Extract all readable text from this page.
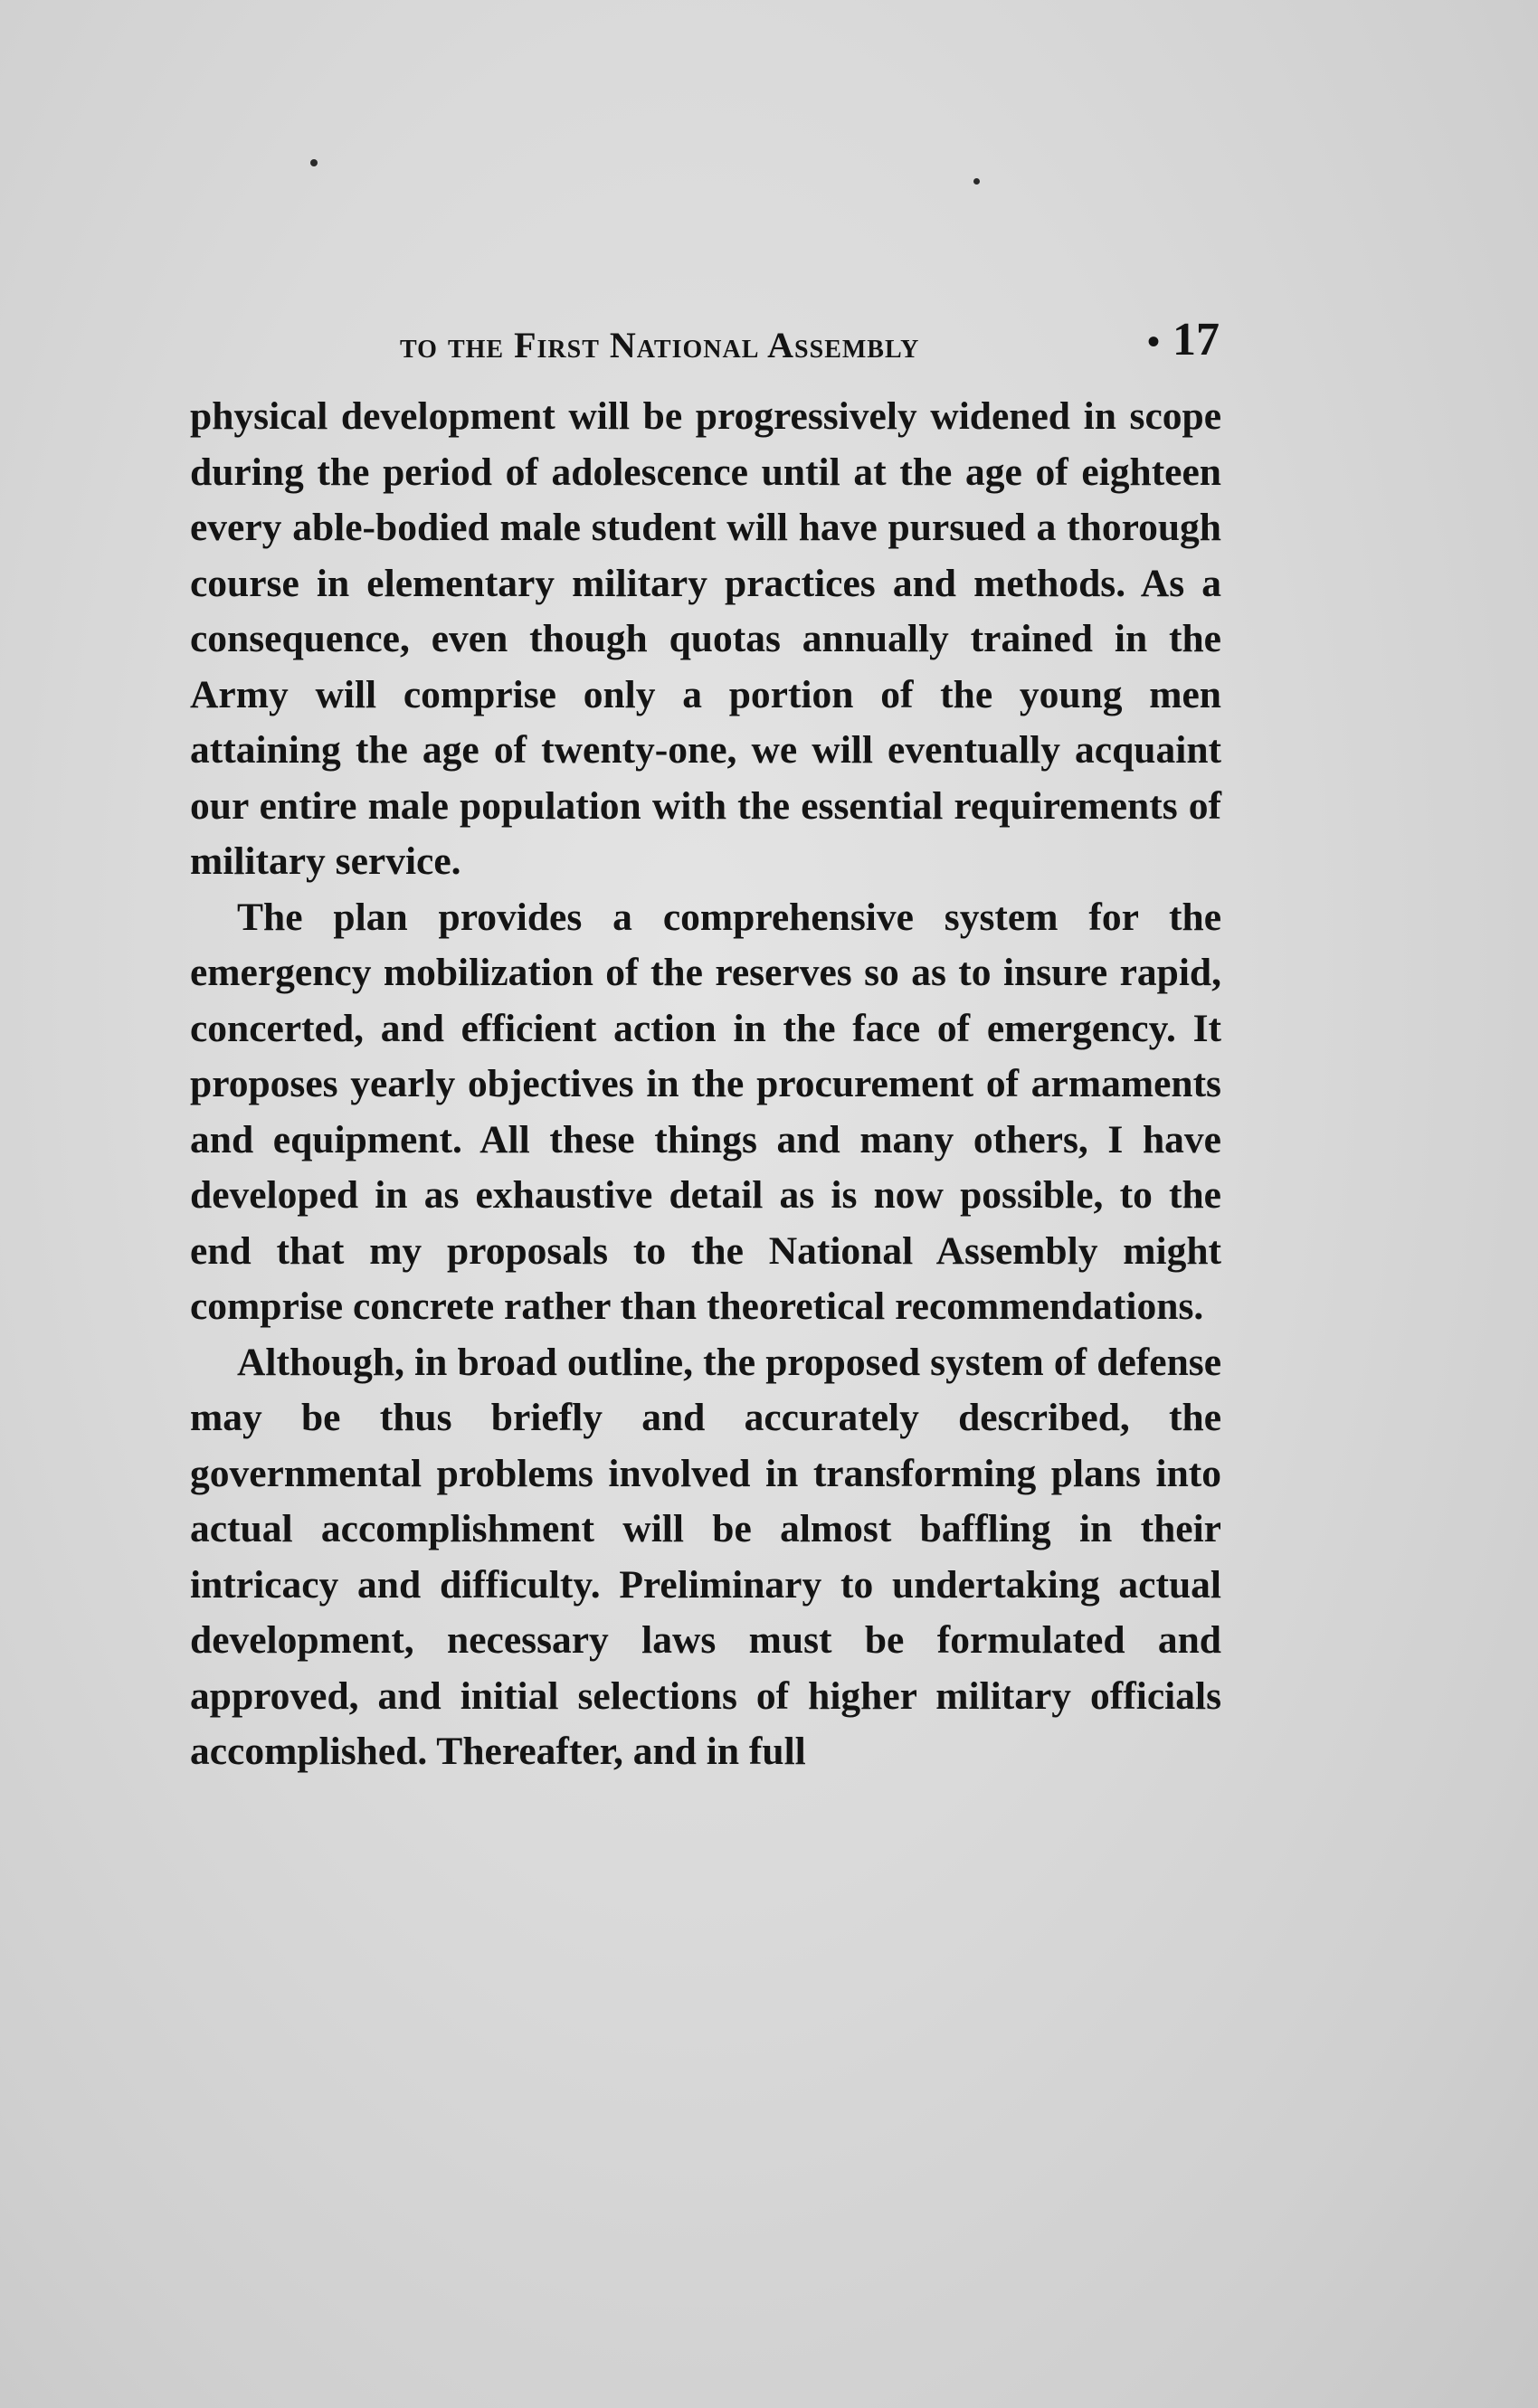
to the First National Assembly	• 17

physical development will be progressively widened in scope during the period of adolescence until at the age of eighteen every able-bodied male student will have pursued a thorough course in elementary military practices and methods. As a consequence, even though quotas annually trained in the Army will comprise only a portion of the young men attaining the age of twenty-one, we will eventually acquaint our entire male population with the essential requirements of military service.

The plan provides a comprehensive system for the emergency mobilization of the reserves so as to insure rapid, concerted, and efficient action in the face of emergency. It proposes yearly objectives in the procurement of armaments and equipment. All these things and many others, I have developed in as exhaustive detail as is now possible, to the end that my proposals to the National Assembly might comprise concrete rather than theoretical recommendations.

Although, in broad outline, the proposed system of defense may be thus briefly and accurately described, the governmental problems involved in transforming plans into actual accomplishment will be almost baffling in their intricacy and difficulty. Preliminary to undertaking actual development, necessary laws must be formulated and approved, and initial selections of higher military officials accomplished. Thereafter, and in full
